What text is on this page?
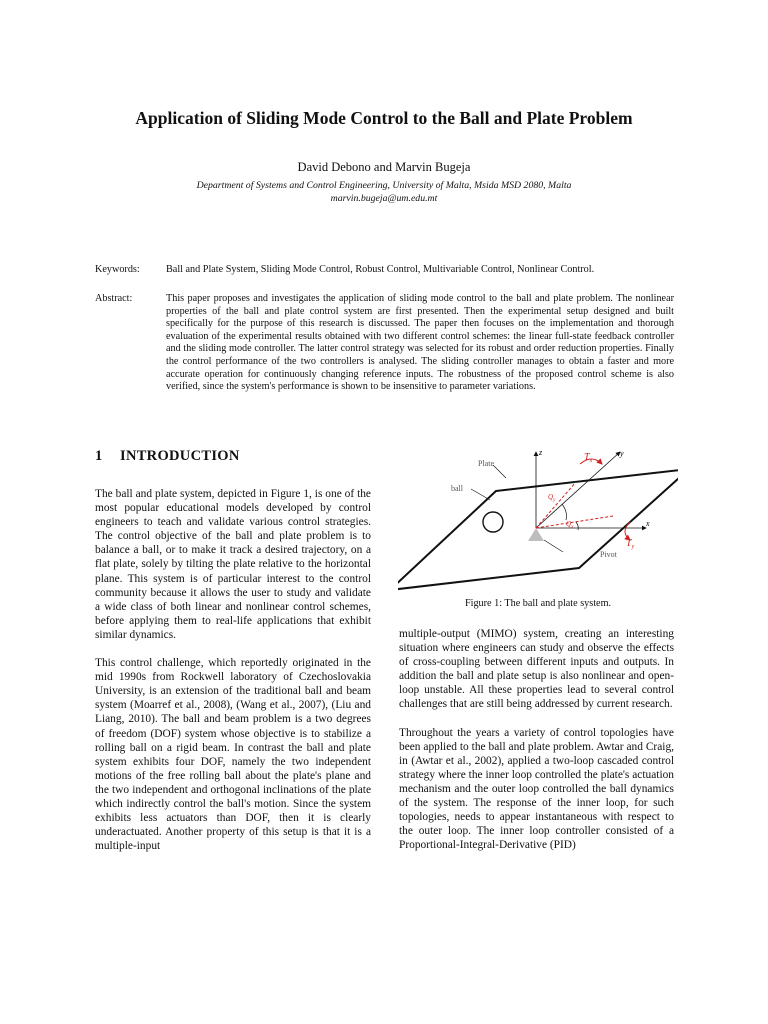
Application of Sliding Mode Control to the Ball and Plate Problem
David Debono and Marvin Bugeja
Department of Systems and Control Engineering, University of Malta, Msida MSD 2080, Malta
marvin.bugeja@um.edu.mt
Keywords:	Ball and Plate System, Sliding Mode Control, Robust Control, Multivariable Control, Nonlinear Control.
Abstract:	This paper proposes and investigates the application of sliding mode control to the ball and plate problem. The nonlinear properties of the ball and plate control system are first presented. Then the experimental setup designed and built specifically for the purpose of this research is discussed. The paper then focuses on the implementation and thorough evaluation of the experimental results obtained with two different control schemes: the linear full-state feedback controller and the sliding mode controller. The latter control strategy was selected for its robust and order reduction properties. Finally the control performance of the two controllers is analysed. The sliding controller manages to obtain a faster and more accurate operation for continuously changing reference inputs. The robustness of the proposed control scheme is also verified, since the system's performance is shown to be insensitive to parameter variations.
1 INTRODUCTION

The ball and plate system, depicted in Figure 1, is one of the most popular educational models developed by control engineers to teach and validate various control strategies. The control objective of the ball and plate problem is to balance a ball, or to make it track a desired trajectory, on a flat plate, solely by tilting the plate relative to the horizontal plane. This system is of particular interest to the control community because it allows the user to study and validate a wide class of both linear and nonlinear control schemes, before applying them to real-life applications that exhibit similar dynamics.

This control challenge, which reportedly originated in the mid 1990s from Rockwell laboratory of Czechoslovakia University, is an extension of the traditional ball and beam system (Moarref et al., 2008), (Wang et al., 2007), (Liu and Liang, 2010). The ball and beam problem is a two degrees of freedom (DOF) system whose objective is to stabilize a rolling ball on a rigid beam. In contrast the ball and plate system exhibits four DOF, namely the two independent motions of the free rolling ball about the plate's plane and the two independent and orthogonal inclinations of the plate which indirectly control the ball's motion. Since the system exhibits less actuators than DOF, then it is clearly underactuated. Another property of this setup is that it is a multiple-input

Plate
ball
Pivot
z	y
x
$T_x$
$T_y$
$Q_y$
$Q_x$
Figure 1: The ball and plate system.

multiple-output (MIMO) system, creating an interesting situation where engineers can study and observe the effects of cross-coupling between different inputs and outputs. In addition the ball and plate setup is also nonlinear and open-loop unstable. All these properties lead to several control challenges that are still being addressed by current research.

Throughout the years a variety of control topologies have been applied to the ball and plate problem. Awtar and Craig, in (Awtar et al., 2002), applied a two-loop cascaded control strategy where the inner loop controlled the plate's actuation mechanism and the outer loop controlled the ball dynamics of the system. The response of the inner loop, for such topologies, needs to appear instantaneous with respect to the outer loop. The inner loop controller consisted of a Proportional-Integral-Derivative (PID)
